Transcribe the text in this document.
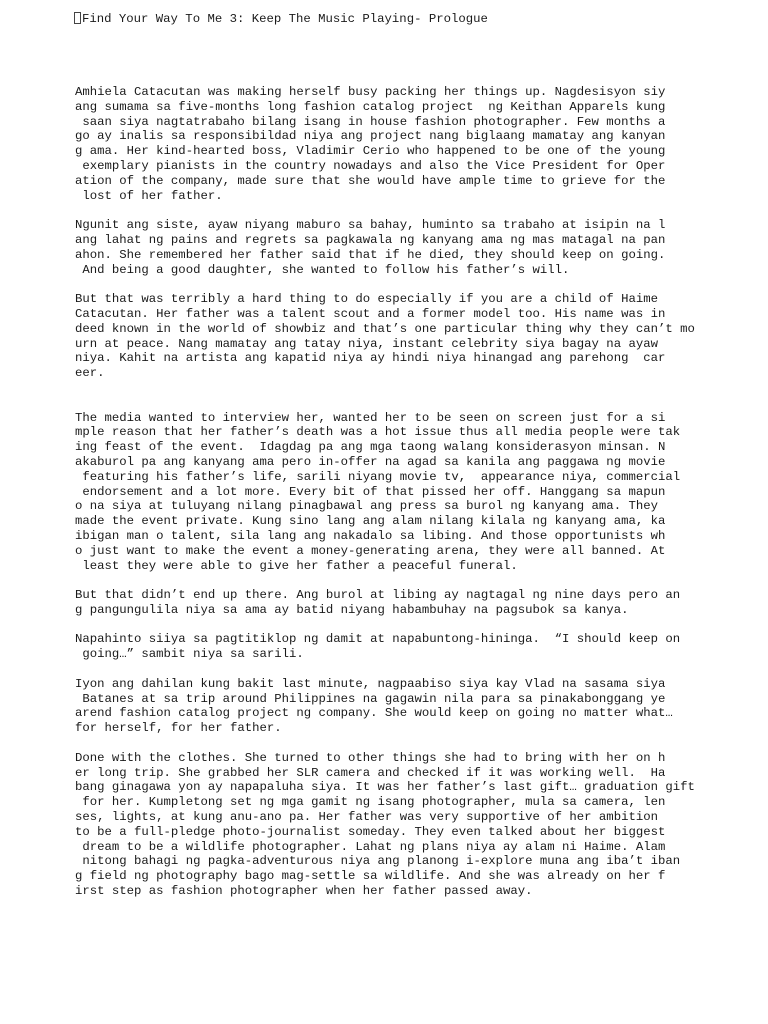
Find Your Way To Me 3: Keep The Music Playing- Prologue
Amhiela Catacutan was making herself busy packing her things up. Nagdesisyon siy
ang sumama sa five-months long fashion catalog project  ng Keithan Apparels kung
saan siya nagtatrabaho bilang isang in house fashion photographer. Few months a
go ay inalis sa responsibildad niya ang project nang biglaang mamatay ang kanyan
g ama. Her kind-hearted boss, Vladimir Cerio who happened to be one of the young
exemplary pianists in the country nowadays and also the Vice President for Oper
ation of the company, made sure that she would have ample time to grieve for the
lost of her father.
Ngunit ang siste, ayaw niyang maburo sa bahay, huminto sa trabaho at isipin na l
ang lahat ng pains and regrets sa pagkawala ng kanyang ama ng mas matagal na pan
ahon. She remembered her father said that if he died, they should keep on going.
And being a good daughter, she wanted to follow his father’s will.
But that was terribly a hard thing to do especially if you are a child of Haime
Catacutan. Her father was a talent scout and a former model too. His name was in
deed known in the world of showbiz and that’s one particular thing why they can’t mo
urn at peace. Nang mamatay ang tatay niya, instant celebrity siya bagay na ayaw
niya. Kahit na artista ang kapatid niya ay hindi niya hinangad ang parehong  car
eer.
The media wanted to interview her, wanted her to be seen on screen just for a si
mple reason that her father’s death was a hot issue thus all media people were tak
ing feast of the event.  Idagdag pa ang mga taong walang konsiderasyon minsan. N
akaburol pa ang kanyang ama pero in-offer na agad sa kanila ang paggawa ng movie
featuring his father’s life, sarili niyang movie tv,  appearance niya, commercial
endorsement and a lot more. Every bit of that pissed her off. Hanggang sa mapun
o na siya at tuluyang nilang pinagbawal ang press sa burol ng kanyang ama. They
made the event private. Kung sino lang ang alam nilang kilala ng kanyang ama, ka
ibigan man o talent, sila lang ang nakadalo sa libing. And those opportunists wh
o just want to make the event a money-generating arena, they were all banned. At
least they were able to give her father a peaceful funeral.
But that didn’t end up there. Ang burol at libing ay nagtagal ng nine days pero an
g pangungulila niya sa ama ay batid niyang habambuhay na pagsubok sa kanya.
Napahinto siiya sa pagtitiklop ng damit at napabuntong-hininga.  “I should keep on
going…” sambit niya sa sarili.
Iyon ang dahilan kung bakit last minute, nagpaabiso siya kay Vlad na sasama siya
Batanes at sa trip around Philippines na gagawin nila para sa pinakabonggang ye
arend fashion catalog project ng company. She would keep on going no matter what…
for herself, for her father.
Done with the clothes. She turned to other things she had to bring with her on h
er long trip. She grabbed her SLR camera and checked if it was working well.  Ha
bang ginagawa yon ay napapaluha siya. It was her father’s last gift… graduation gift
for her. Kumpletong set ng mga gamit ng isang photographer, mula sa camera, len
ses, lights, at kung anu-ano pa. Her father was very supportive of her ambition
to be a full-pledge photo-journalist someday. They even talked about her biggest
dream to be a wildlife photographer. Lahat ng plans niya ay alam ni Haime. Alam
nitong bahagi ng pagka-adventurous niya ang planong i-explore muna ang iba’t iban
g field ng photography bago mag-settle sa wildlife. And she was already on her f
irst step as fashion photographer when her father passed away.
